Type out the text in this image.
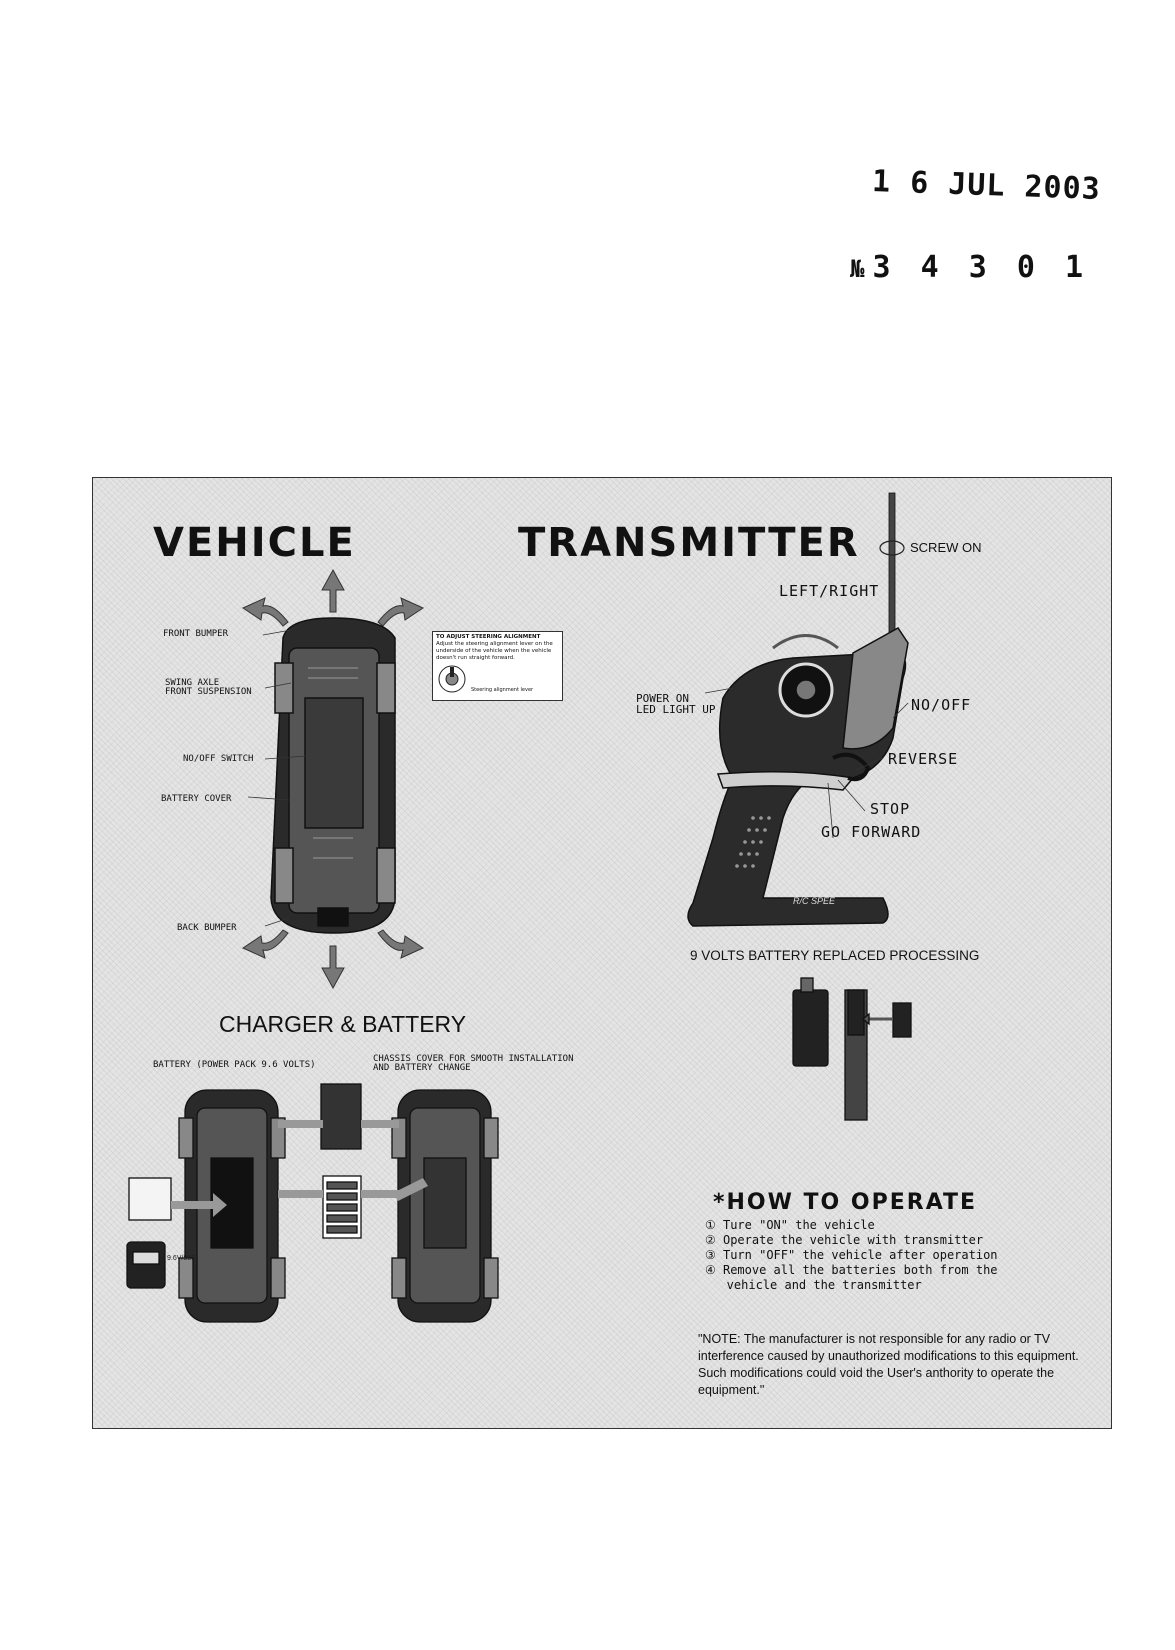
1 6 JUL 2003
№ 3 4 3 0 1
VEHICLE
FRONT BUMPER
SWING AXLE
FRONT SUSPENSION
NO/OFF SWITCH
BATTERY COVER
BACK BUMPER
TO ADJUST STEERING ALIGNMENT
Adjust the steering alignment lever on the underside of the vehicle when the vehicle doesn't run straight forward.
Steering alignment lever
TRANSMITTER	SCREW ON
LEFT/RIGHT
POWER ON
LED LIGHT UP	NO/OFF
REVERSE
STOP
GO FORWARD
R/C SPEE
9 VOLTS BATTERY REPLACED PROCESSING
CHARGER & BATTERY
BATTERY (POWER PACK 9.6 VOLTS)
CHASSIS COVER FOR SMOOTH INSTALLATION
AND BATTERY CHANGE
9.6V/800
*HOW TO OPERATE
① Ture "ON" the vehicle
② Operate the vehicle with transmitter
③ Turn "OFF" the vehicle after operation
④ Remove all the batteries both from the
vehicle and the transmitter
"NOTE: The manufacturer is not responsible for any radio or TV interference caused by unauthorized modifications to this equipment. Such modifications could void the User's anthority to operate the equipment."
